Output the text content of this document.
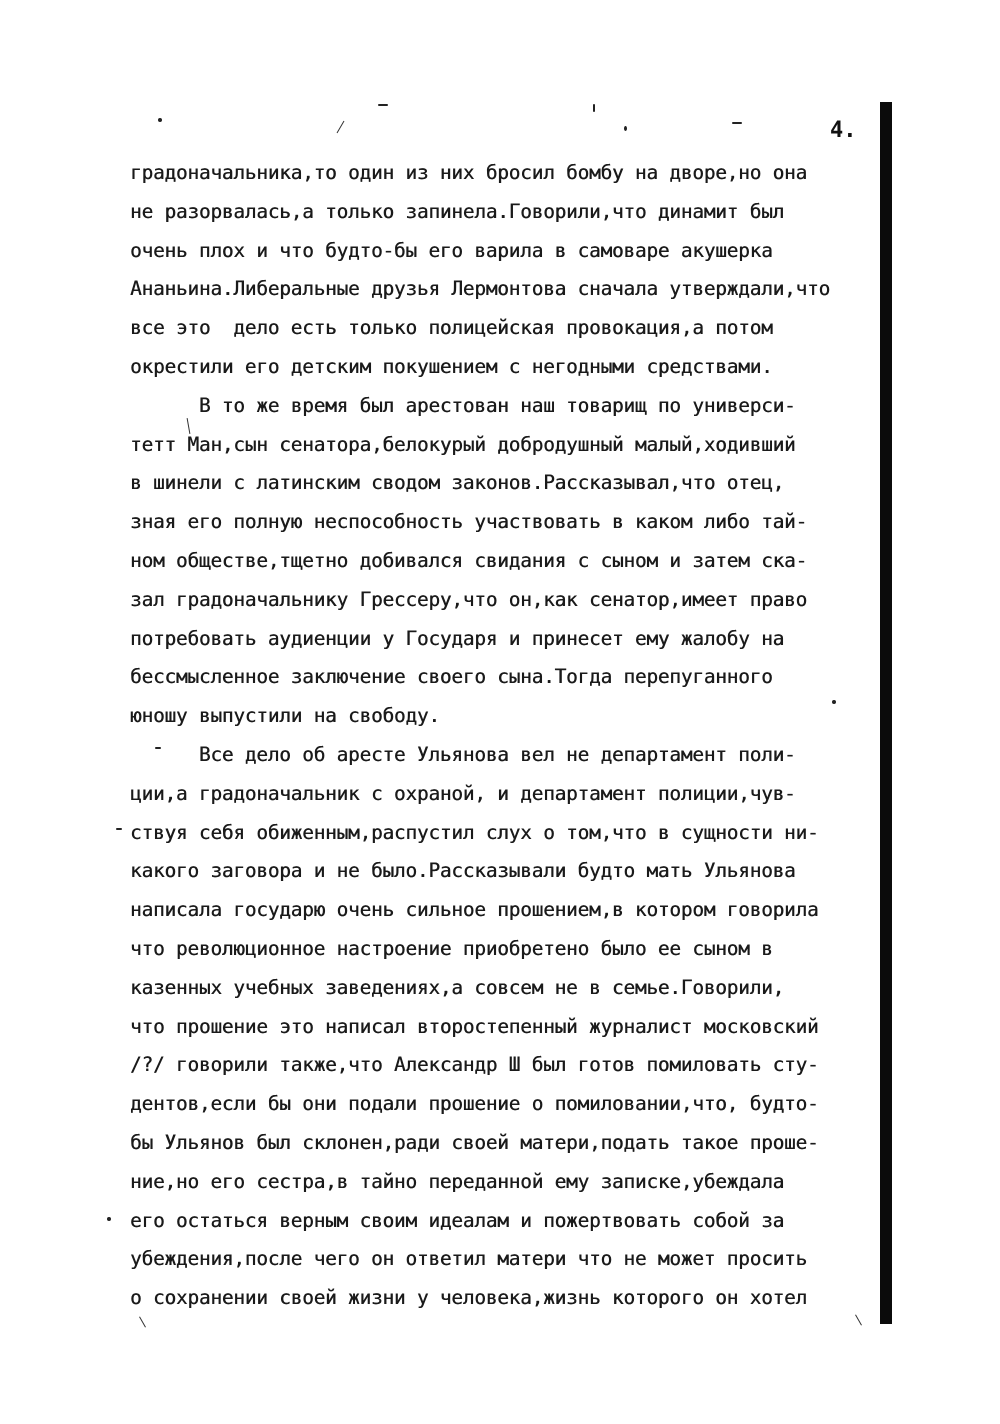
4.
градоначальника,то один из них бросил бомбу на дворе,но она
не разорвалась,а только запинела.Говорили,что динамит был
очень плох и что будто-бы его варила в самоваре акушерка
Ананьина.Либеральные друзья Лермонтова сначала утверждали,что
все это  дело есть только полицейская провокация,а потом
окрестили его детским покушением с негодными средствами.
В то же время был арестован наш товарищ по универси-
тетт Ман,сын сенатора,белокурый добродушный малый,ходивший
в шинели с латинским сводом законов.Рассказывал,что отец,
зная его полную неспособность участвовать в каком либо тай-
ном обществе,тщетно добивался свидания с сыном и затем ска-
зал градоначальнику Грессеру,что он,как сенатор,имеет право
потребовать аудиенции у Государя и принесет ему жалобу на
бессмысленное заключение своего сына.Тогда перепуганного
юношу выпустили на свободу.
Все дело об аресте Ульянова вел не департамент поли-
ции,а градоначальник с охраной, и департамент полиции,чув-
ствуя себя обиженным,распустил слух о том,что в сущности ни-
какого заговора и не было.Рассказывали будто мать Ульянова
написала государю очень сильное прошением,в котором говорила
что революционное настроение приобретено было ее сыном в
казенных учебных заведениях,а совсем не в семье.Говорили,
что прошение это написал второстепенный журналист московский
/?/ говорили также,что Александр Ш был готов помиловать сту-
дентов,если бы они подали прошение о помиловании,что, будто-
бы Ульянов был склонен,ради своей матери,подать такое проше-
ние,но его сестра,в тайно переданной ему записке,убеждала
его остаться верным своим идеалам и пожертвовать собой за
убеждения,после чего он ответил матери что не может просить
о сохранении своей жизни у человека,жизнь которого он хотел
